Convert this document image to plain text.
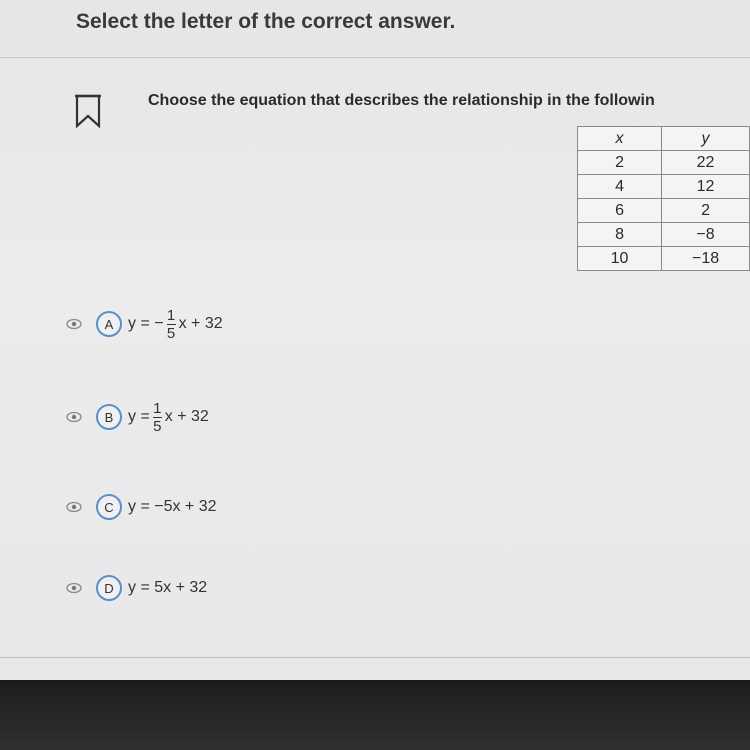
Select the letter of the correct answer.
Choose the equation that describes the relationship in the followin
x	y
2	22
4	12
6	2
8	−8
10	−18
A y = − $\frac{1}{5}$ x + 32
B $y = \frac{1}{5}$ x + 32
C y = −5x + 32
D y = 5x + 32
